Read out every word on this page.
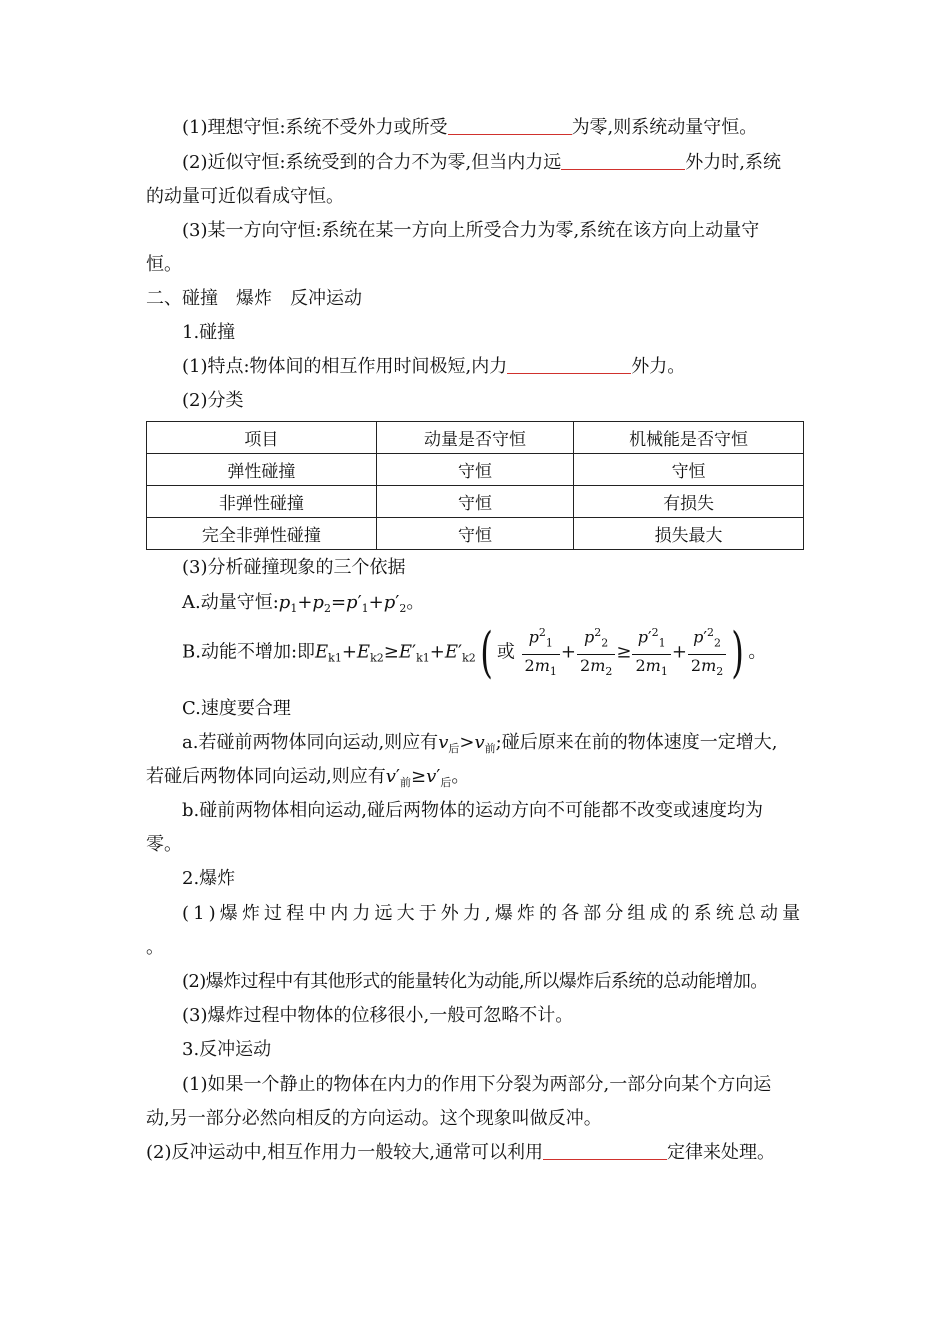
(1)理想守恒:系统不受外力或所受	为零,则系统动量守恒。
(2)近似守恒:系统受到的合力不为零,但当内力远	外力时,系统
的动量可近似看成守恒。
(3)某一方向守恒:系统在某一方向上所受合力为零,系统在该方向上动量守
恒。
二、碰撞　爆炸　反冲运动
1.碰撞
(1)特点:物体间的相互作用时间极短,内力	外力。
(2)分类
项目	动量是否守恒	机械能是否守恒
弹性碰撞	守恒	守恒
非弹性碰撞	守恒	有损失
完全非弹性碰撞	守恒	损失最大
(3)分析碰撞现象的三个依据
A.动量守恒$:p_1+p_2=p'_1+p'_2$。
B.动能不增加:即$E_{k1}+E_{k2}\ge E'_{k1}+E'_{k2}$( 或 $\frac{p^2_1}{2m_1} + \frac{p^2_2}{2m_2} \ge \frac{p'^2_1}{2m_1} + \frac{p'^2_2}{2m_2}$ ) 。
C.速度要合理
a.若碰前两物体同向运动,则应有$v_后>v_前$;碰后原来在前的物体速度一定增大,
若碰后两物体同向运动,则应有$v'_前\ge v'_后$。
b.碰前两物体相向运动,碰后两物体的运动方向不可能都不改变或速度均为
零。
2.爆炸
(1)爆炸过程中内力远大于外力,爆炸的各部分组成的系统总动量
。
(2)爆炸过程中有其他形式的能量转化为动能,所以爆炸后系统的总动能增加。
(3)爆炸过程中物体的位移很小,一般可忽略不计。
3.反冲运动
(1)如果一个静止的物体在内力的作用下分裂为两部分,一部分向某个方向运
动,另一部分必然向相反的方向运动。这个现象叫做反冲。
(2)反冲运动中,相互作用力一般较大,通常可以利用	定律来处理。
